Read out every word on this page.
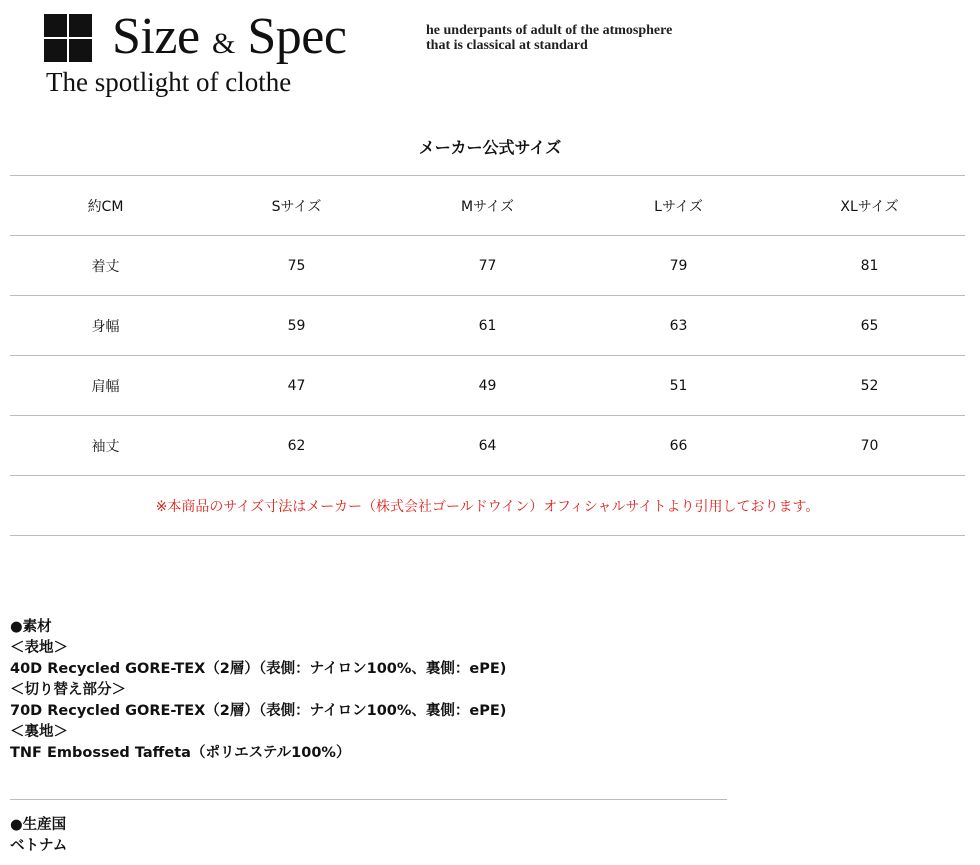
Size & Spec
The spotlight of clothe
he underpants of adult of the atmosphere
that is classical at standard
メーカー公式サイズ
約CM	Sサイズ	Mサイズ	Lサイズ	XLサイズ
着丈	75	77	79	81
身幅	59	61	63	65
肩幅	47	49	51	52
袖丈	62	64	66	70
※本商品のサイズ寸法はメーカー（株式会社ゴールドウイン）オフィシャルサイトより引用しております。
●素材
＜表地＞
40D Recycled GORE-TEX（2層）（表側：ナイロン100%、裏側：ePE)
＜切り替え部分＞
70D Recycled GORE-TEX（2層）（表側：ナイロン100%、裏側：ePE)
＜裏地＞
TNF Embossed Taffeta（ポリエステル100%）
●生産国
ベトナム
